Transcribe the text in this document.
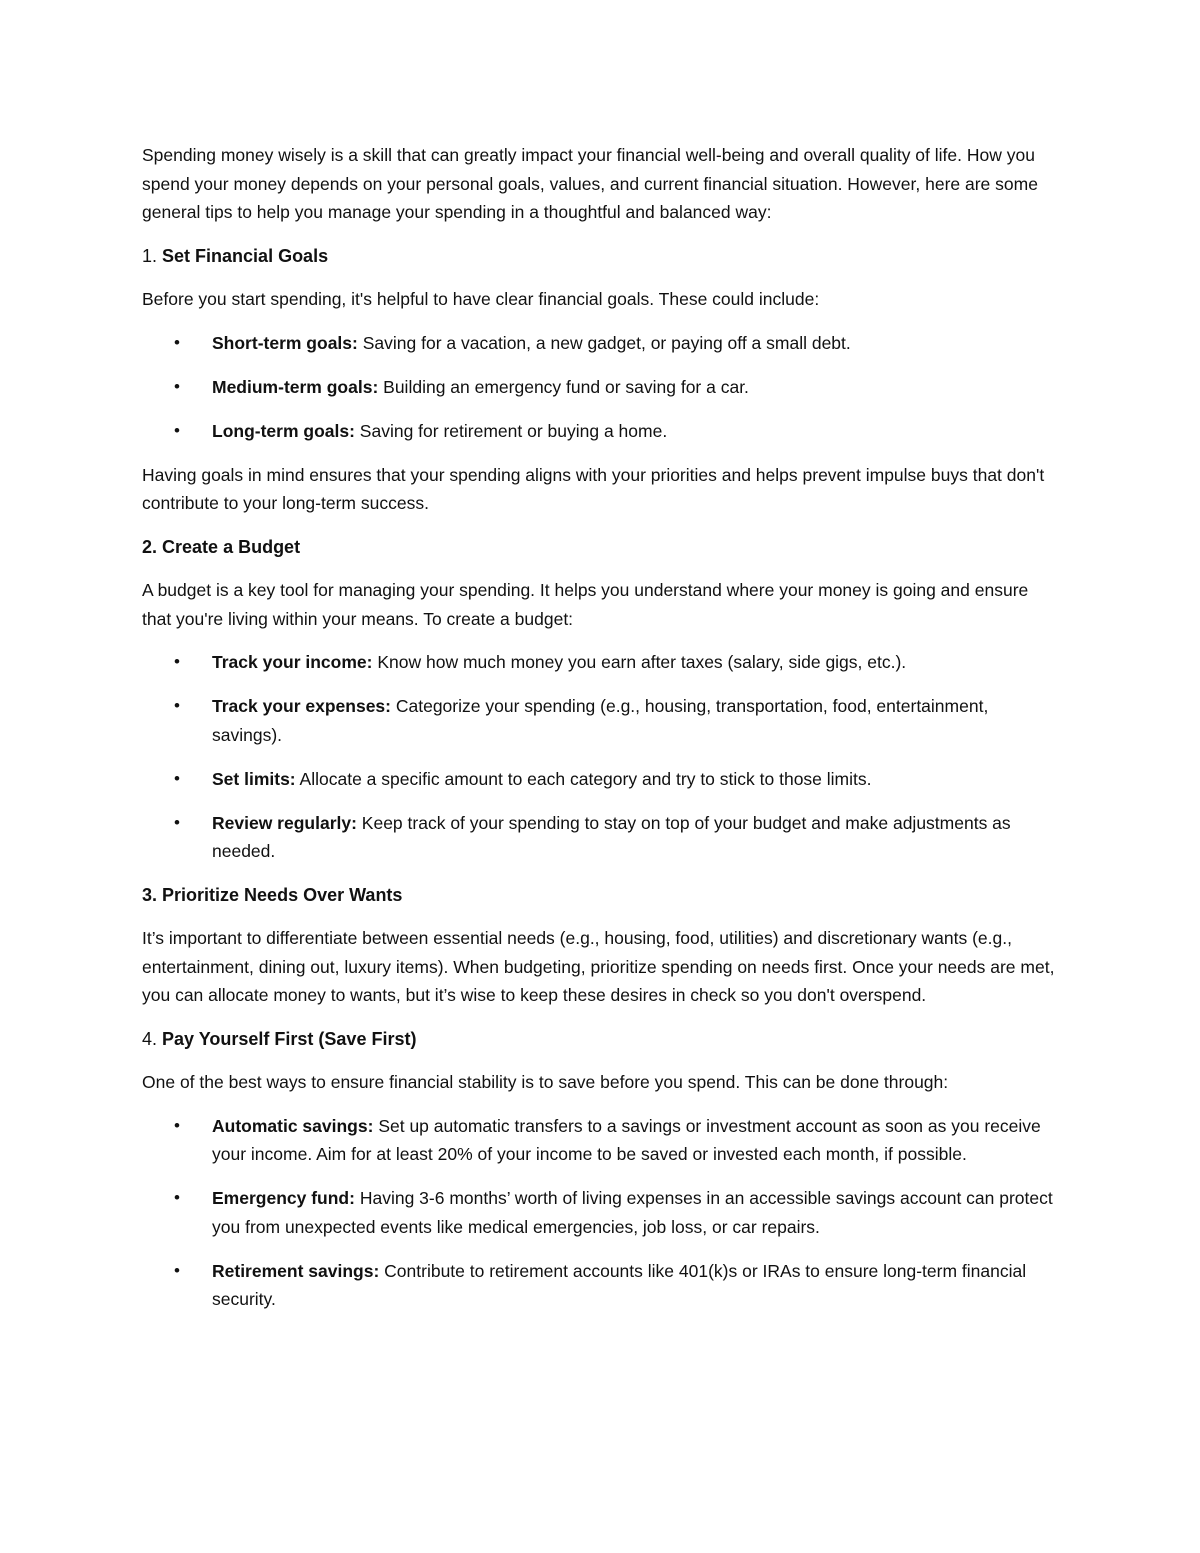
Spending money wisely is a skill that can greatly impact your financial well-being and overall quality of life. How you spend your money depends on your personal goals, values, and current financial situation. However, here are some general tips to help you manage your spending in a thoughtful and balanced way:

1. Set Financial Goals

Before you start spending, it's helpful to have clear financial goals. These could include:

• Short-term goals: Saving for a vacation, a new gadget, or paying off a small debt.
• Medium-term goals: Building an emergency fund or saving for a car.
• Long-term goals: Saving for retirement or buying a home.

Having goals in mind ensures that your spending aligns with your priorities and helps prevent impulse buys that don't contribute to your long-term success.

2. Create a Budget

A budget is a key tool for managing your spending. It helps you understand where your money is going and ensure that you're living within your means. To create a budget:

• Track your income: Know how much money you earn after taxes (salary, side gigs, etc.).
• Track your expenses: Categorize your spending (e.g., housing, transportation, food, entertainment, savings).
• Set limits: Allocate a specific amount to each category and try to stick to those limits.
• Review regularly: Keep track of your spending to stay on top of your budget and make adjustments as needed.

3. Prioritize Needs Over Wants

It’s important to differentiate between essential needs (e.g., housing, food, utilities) and discretionary wants (e.g., entertainment, dining out, luxury items). When budgeting, prioritize spending on needs first. Once your needs are met, you can allocate money to wants, but it’s wise to keep these desires in check so you don't overspend.

4. Pay Yourself First (Save First)

One of the best ways to ensure financial stability is to save before you spend. This can be done through:

• Automatic savings: Set up automatic transfers to a savings or investment account as soon as you receive your income. Aim for at least 20% of your income to be saved or invested each month, if possible.
• Emergency fund: Having 3-6 months’ worth of living expenses in an accessible savings account can protect you from unexpected events like medical emergencies, job loss, or car repairs.
• Retirement savings: Contribute to retirement accounts like 401(k)s or IRAs to ensure long-term financial security.
